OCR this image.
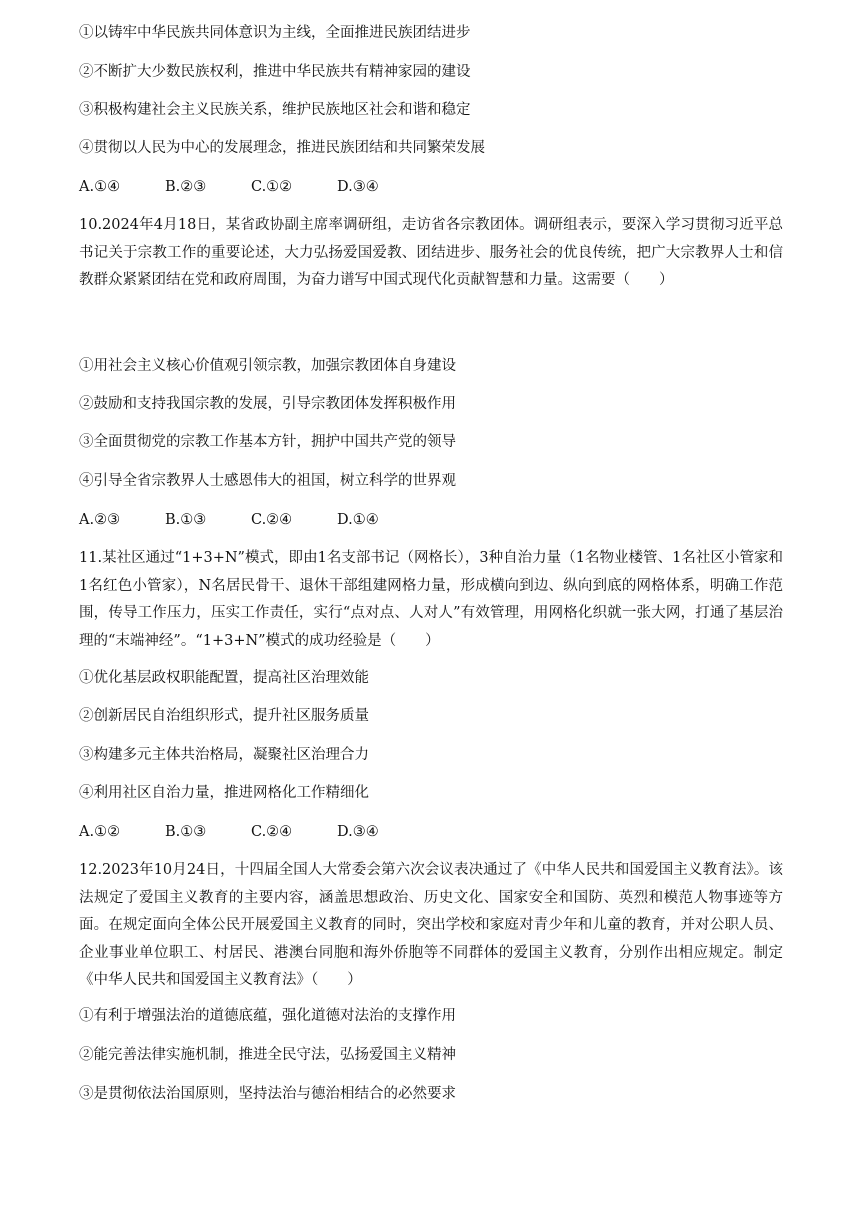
①以铸牢中华民族共同体意识为主线，全面推进民族团结进步
②不断扩大少数民族权利，推进中华民族共有精神家园的建设
③积极构建社会主义民族关系，维护民族地区社会和谐和稳定
④贯彻以人民为中心的发展理念，推进民族团结和共同繁荣发展
A.①④	B.②③	C.①②	D.③④
10.2024年4月18日，某省政协副主席率调研组，走访省各宗教团体。调研组表示，要深入学习贯彻习近平总书记关于宗教工作的重要论述，大力弘扬爱国爱教、团结进步、服务社会的优良传统，把广大宗教界人士和信教群众紧紧团结在党和政府周围，为奋力谱写中国式现代化贡献智慧和力量。这需要（　　）
①用社会主义核心价值观引领宗教，加强宗教团体自身建设
②鼓励和支持我国宗教的发展，引导宗教团体发挥积极作用
③全面贯彻党的宗教工作基本方针，拥护中国共产党的领导
④引导全省宗教界人士感恩伟大的祖国，树立科学的世界观
A.②③	B.①③	C.②④	D.①④
11.某社区通过“1+3+N”模式，即由1名支部书记（网格长），3种自治力量（1名物业楼管、1名社区小管家和1名红色小管家），N名居民骨干、退休干部组建网格力量，形成横向到边、纵向到底的网格体系，明确工作范围，传导工作压力，压实工作责任，实行“点对点、人对人”有效管理，用网格化织就一张大网，打通了基层治理的“末端神经”。“1+3+N”模式的成功经验是（　　）
①优化基层政权职能配置，提高社区治理效能
②创新居民自治组织形式，提升社区服务质量
③构建多元主体共治格局，凝聚社区治理合力
④利用社区自治力量，推进网格化工作精细化
A.①②	B.①③	C.②④	D.③④
12.2023年10月24日，十四届全国人大常委会第六次会议表决通过了《中华人民共和国爱国主义教育法》。该法规定了爱国主义教育的主要内容，涵盖思想政治、历史文化、国家安全和国防、英烈和模范人物事迹等方面。在规定面向全体公民开展爱国主义教育的同时，突出学校和家庭对青少年和儿童的教育，并对公职人员、企业事业单位职工、村居民、港澳台同胞和海外侨胞等不同群体的爱国主义教育，分别作出相应规定。制定《中华人民共和国爱国主义教育法》（　　）
①有利于增强法治的道德底蕴，强化道德对法治的支撑作用
②能完善法律实施机制，推进全民守法，弘扬爱国主义精神
③是贯彻依法治国原则，坚持法治与德治相结合的必然要求
